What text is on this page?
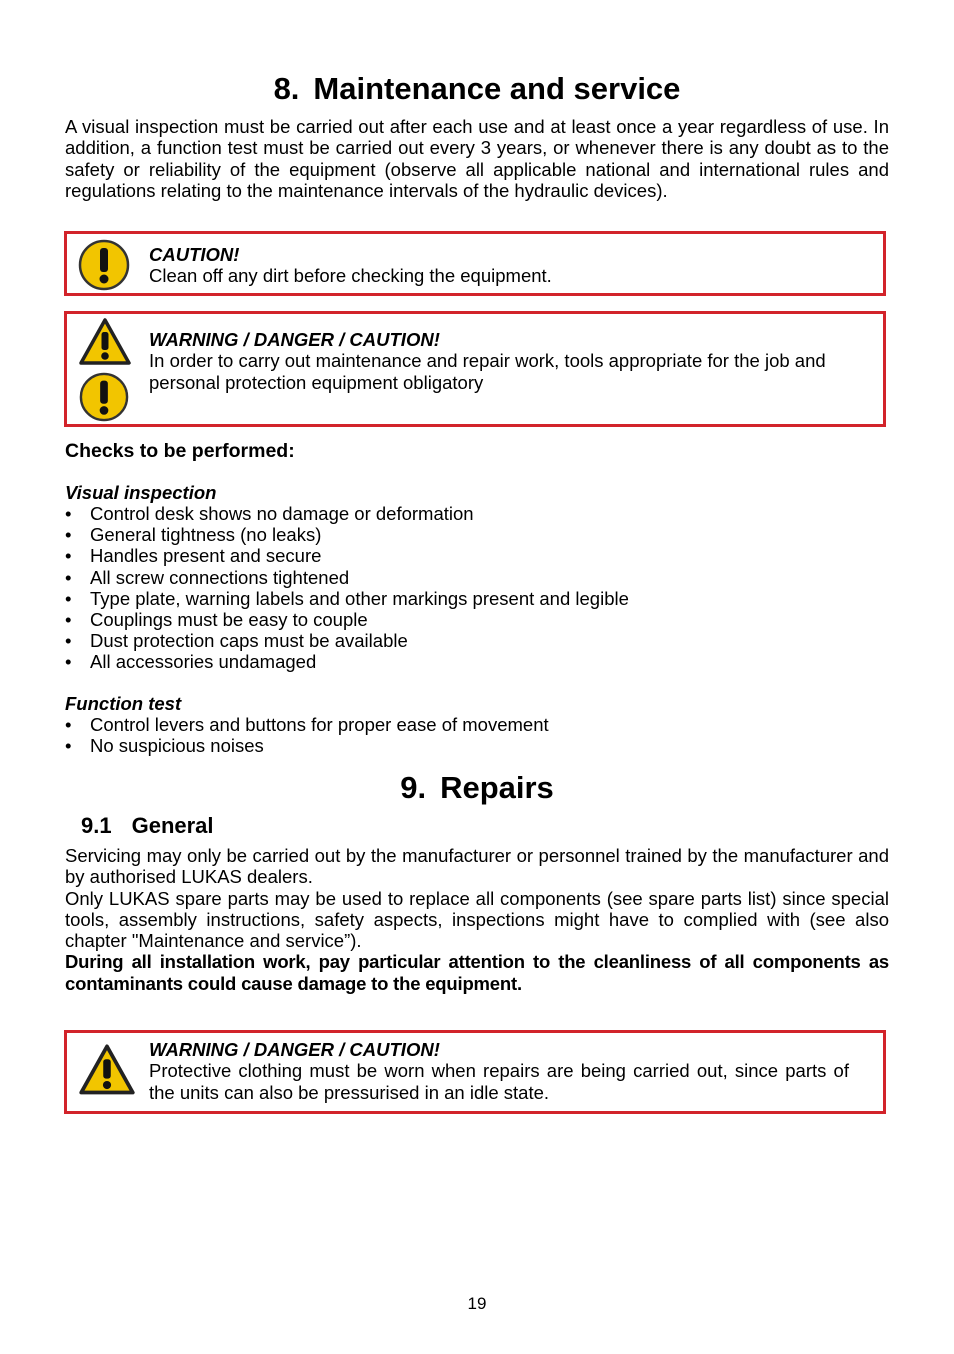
8. Maintenance and service

A visual inspection must be carried out after each use and at least once a year regardless of use. In addition, a function test must be carried out every 3 years, or whenever there is any doubt as to the safety or reliability of the equipment (observe all applicable national and international rules and regulations relating to the maintenance intervals of the hydraulic devices).

CAUTION!
Clean off any dirt before checking the equipment.
WARNING / DANGER / CAUTION!
In order to carry out maintenance and repair work, tools appropriate for the job and personal protection equipment obligatory
Checks to be performed:
Visual inspection
• Control desk shows no damage or deformation
• General tightness (no leaks)
• Handles present and secure
• All screw connections tightened
• Type plate, warning labels and other markings present and legible
• Couplings must be easy to couple
• Dust protection caps must be available
• All accessories undamaged
Function test
• Control levers and buttons for proper ease of movement
• No suspicious noises
9. Repairs
9.1 General

Servicing may only be carried out by the manufacturer or personnel trained by the manufacturer and by authorised LUKAS dealers.

Only LUKAS spare parts may be used to replace all components (see spare parts list) since special tools, assembly instructions, safety aspects, inspections might have to complied with (see also chapter "Maintenance and service”).

During all installation work, pay particular attention to the cleanliness of all components as contaminants could cause damage to the equipment.

WARNING / DANGER / CAUTION!
Protective clothing must be worn when repairs are being carried out, since parts of the units can also be pressurised in an idle state.
19
